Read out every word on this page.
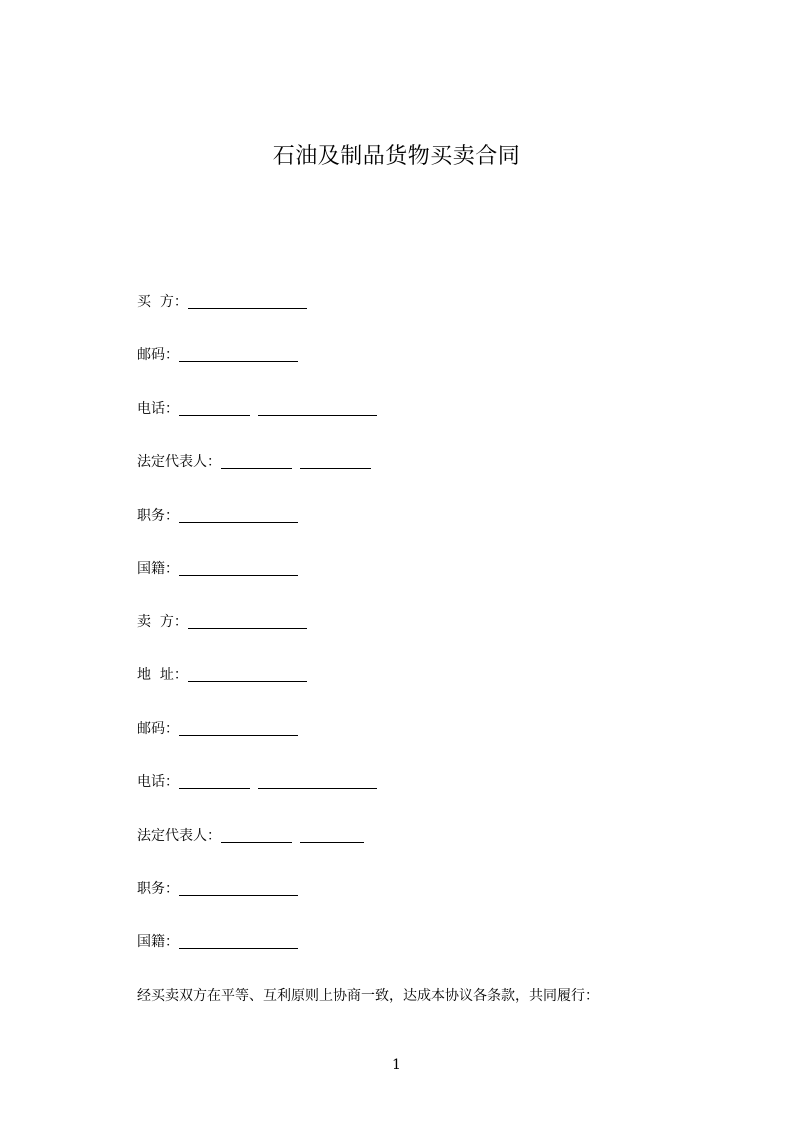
石油及制品货物买卖合同
买  方：
邮码：
电话：
法定代表人：
职务：
国籍：
卖  方：
地  址：
邮码：
电话：
法定代表人：
职务：
国籍：
经买卖双方在平等、互利原则上协商一致，达成本协议各条款，共同履行：
1
